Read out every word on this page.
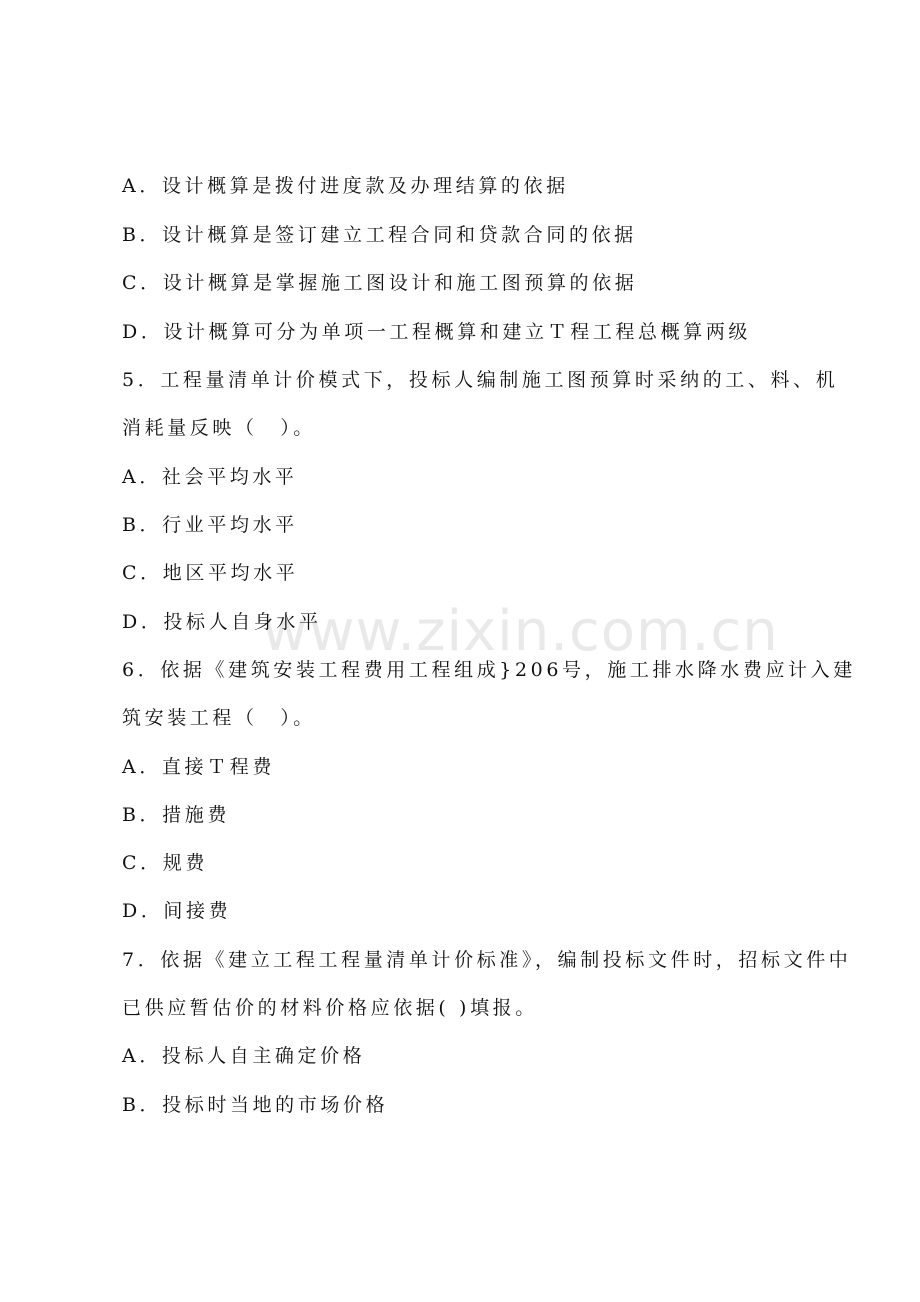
www.zixin.com.cn
A．设计概算是拨付进度款及办理结算的依据
B．设计概算是签订建立工程合同和贷款合同的依据
C．设计概算是掌握施工图设计和施工图预算的依据
D．设计概算可分为单项一工程概算和建立Ｔ程工程总概算两级
5．工程量清单计价模式下，投标人编制施工图预算时采纳的工、料、机
消耗量反映（　）。
A．社会平均水平
B．行业平均水平
C．地区平均水平
D．投标人自身水平
6．依据《建筑安装工程费用工程组成}206号，施工排水降水费应计入建
筑安装工程（　）。
A．直接Ｔ程费
B．措施费
C．规费
D．间接费
7．依据《建立工程工程量清单计价标准》，编制投标文件时，招标文件中
已供应暂估价的材料价格应依据( )填报。
A．投标人自主确定价格
B．投标时当地的市场价格
